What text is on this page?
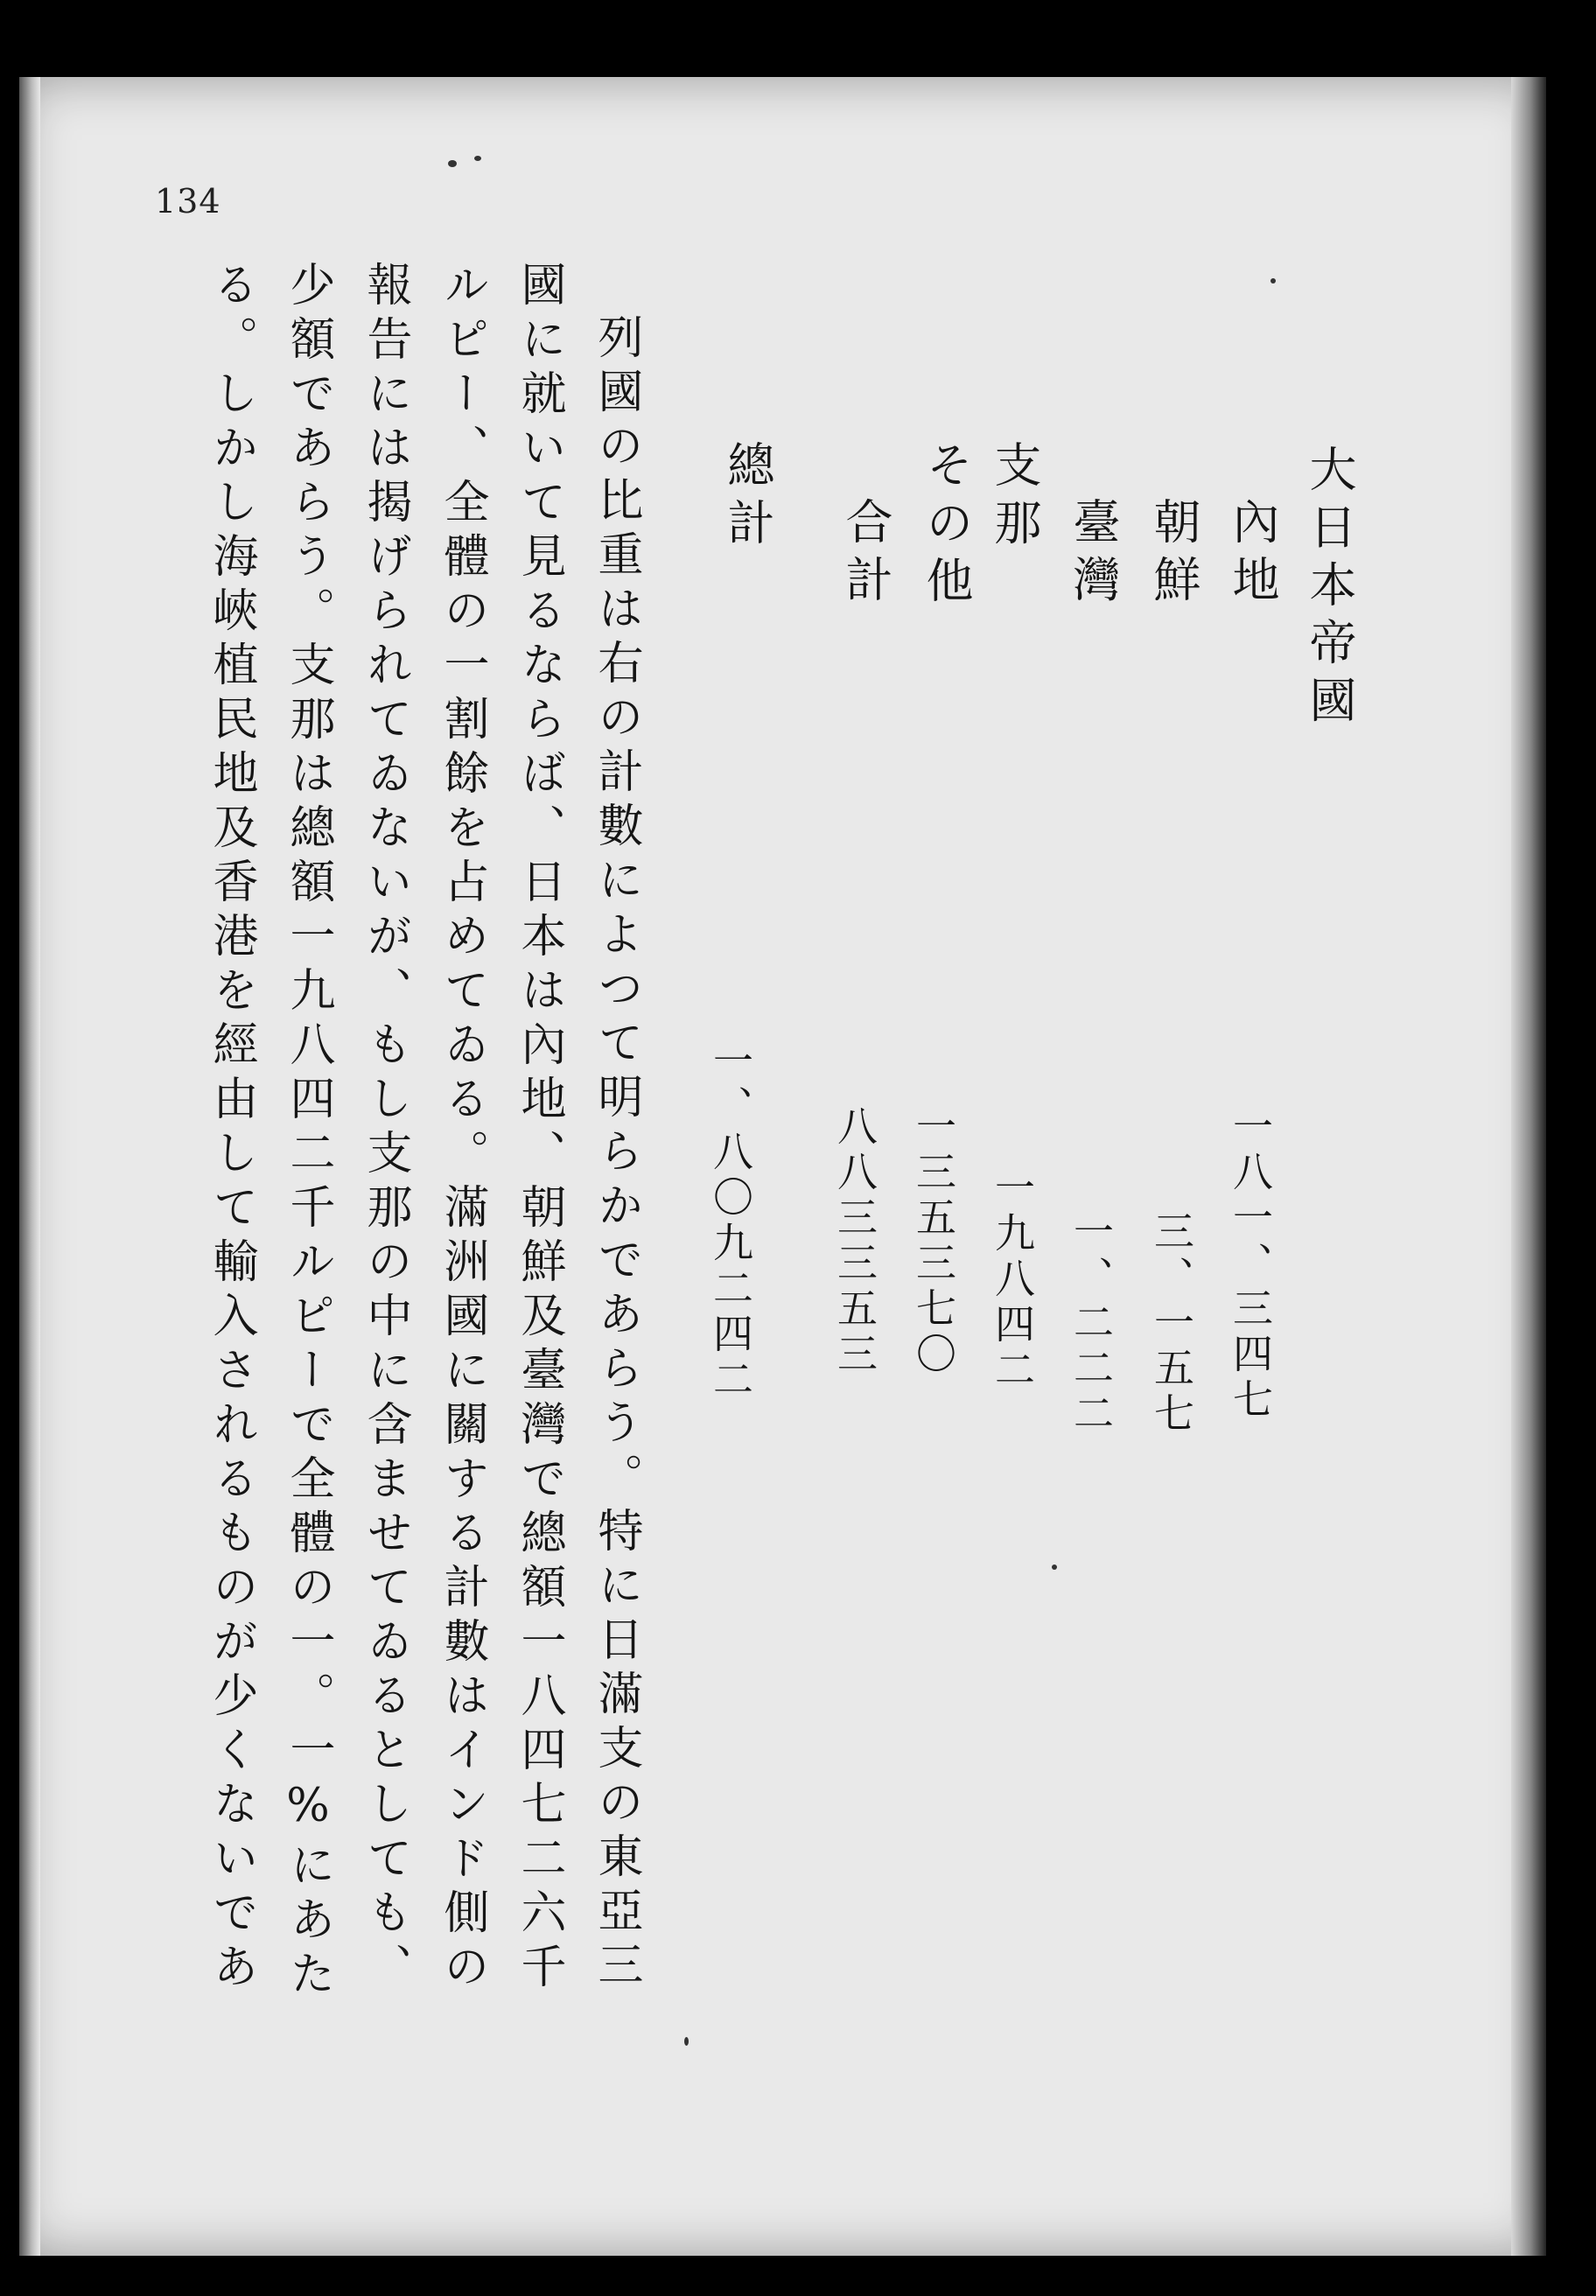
134
大日本帝國
內地
朝鮮
臺灣
支那
その他
合計
總計
一八一、三四七
三、一五七
一、二二二
一九八四二
一三五三七〇
八八三三五三
一、八〇九二四二
列國の比重は右の計數によつて明らかであらう。特に日滿支の東亞三
國に就いて見るならば、日本は內地、朝鮮及臺灣で總額一八四七二六千
ルピー、全體の一割餘を占めてゐる。滿洲國に關する計數はインド側の
報告には揭げられてゐないが、もし支那の中に含ませてゐるとしても、
少額であらう。支那は總額一九八四二千ルピーで全體の一。一%にあた
る。しかし海峽植民地及香港を經由して輸入されるものが少くないであ
